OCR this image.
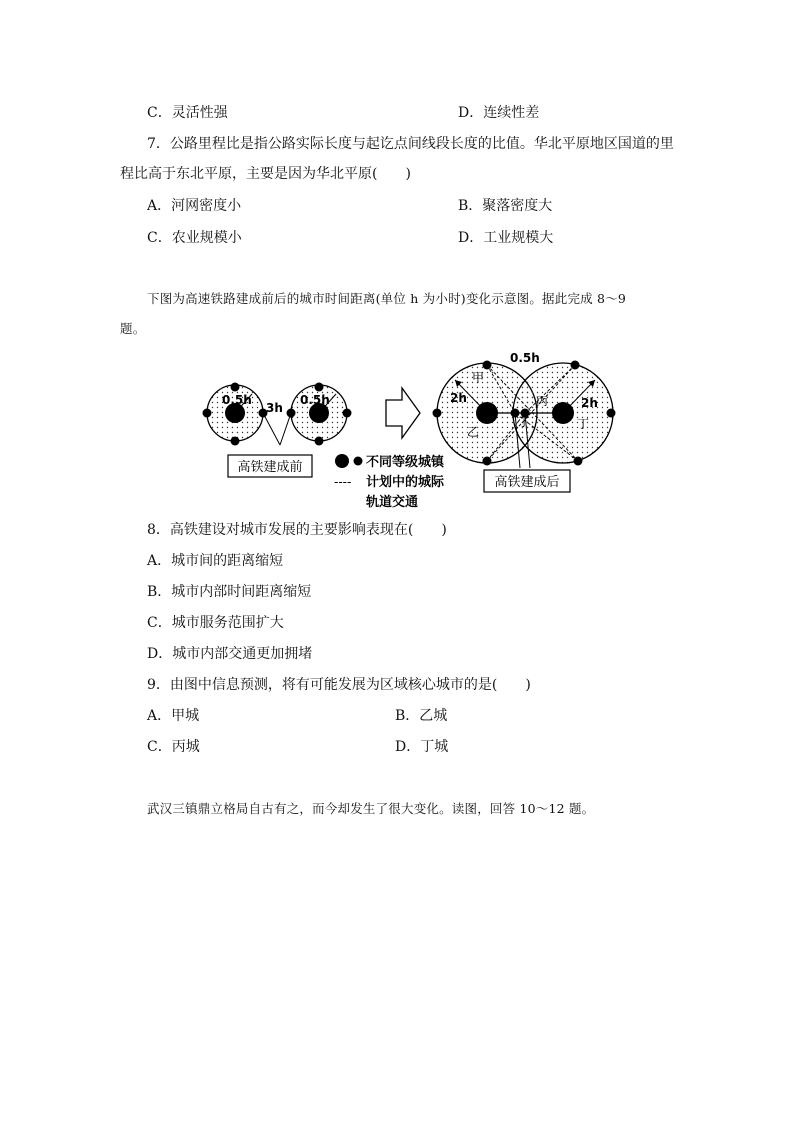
C．灵活性强	D．连续性差
7．公路里程比是指公路实际长度与起讫点间线段长度的比值。华北平原地区国道的里
程比高于东北平原，主要是因为华北平原(　　)
A．河网密度小	B．聚落密度大
C．农业规模小	D．工业规模大
下图为高速铁路建成前后的城市时间距离(单位 h 为小时)变化示意图。据此完成 8～9
题。
0.5h
3h
0.5h
高铁建成前	不同等级城镇
---- 计划中的城际
轨道交通
0.5h
2h	2h
甲
乙
丙
丁	丁
高铁建成后
8．高铁建设对城市发展的主要影响表现在(　　)
A．城市间的距离缩短
B．城市内部时间距离缩短
C．城市服务范围扩大
D．城市内部交通更加拥堵
9．由图中信息预测，将有可能发展为区域核心城市的是(　　)
A．甲城	B．乙城
C．丙城	D．丁城
武汉三镇鼎立格局自古有之，而今却发生了很大变化。读图，回答 10～12 题。
